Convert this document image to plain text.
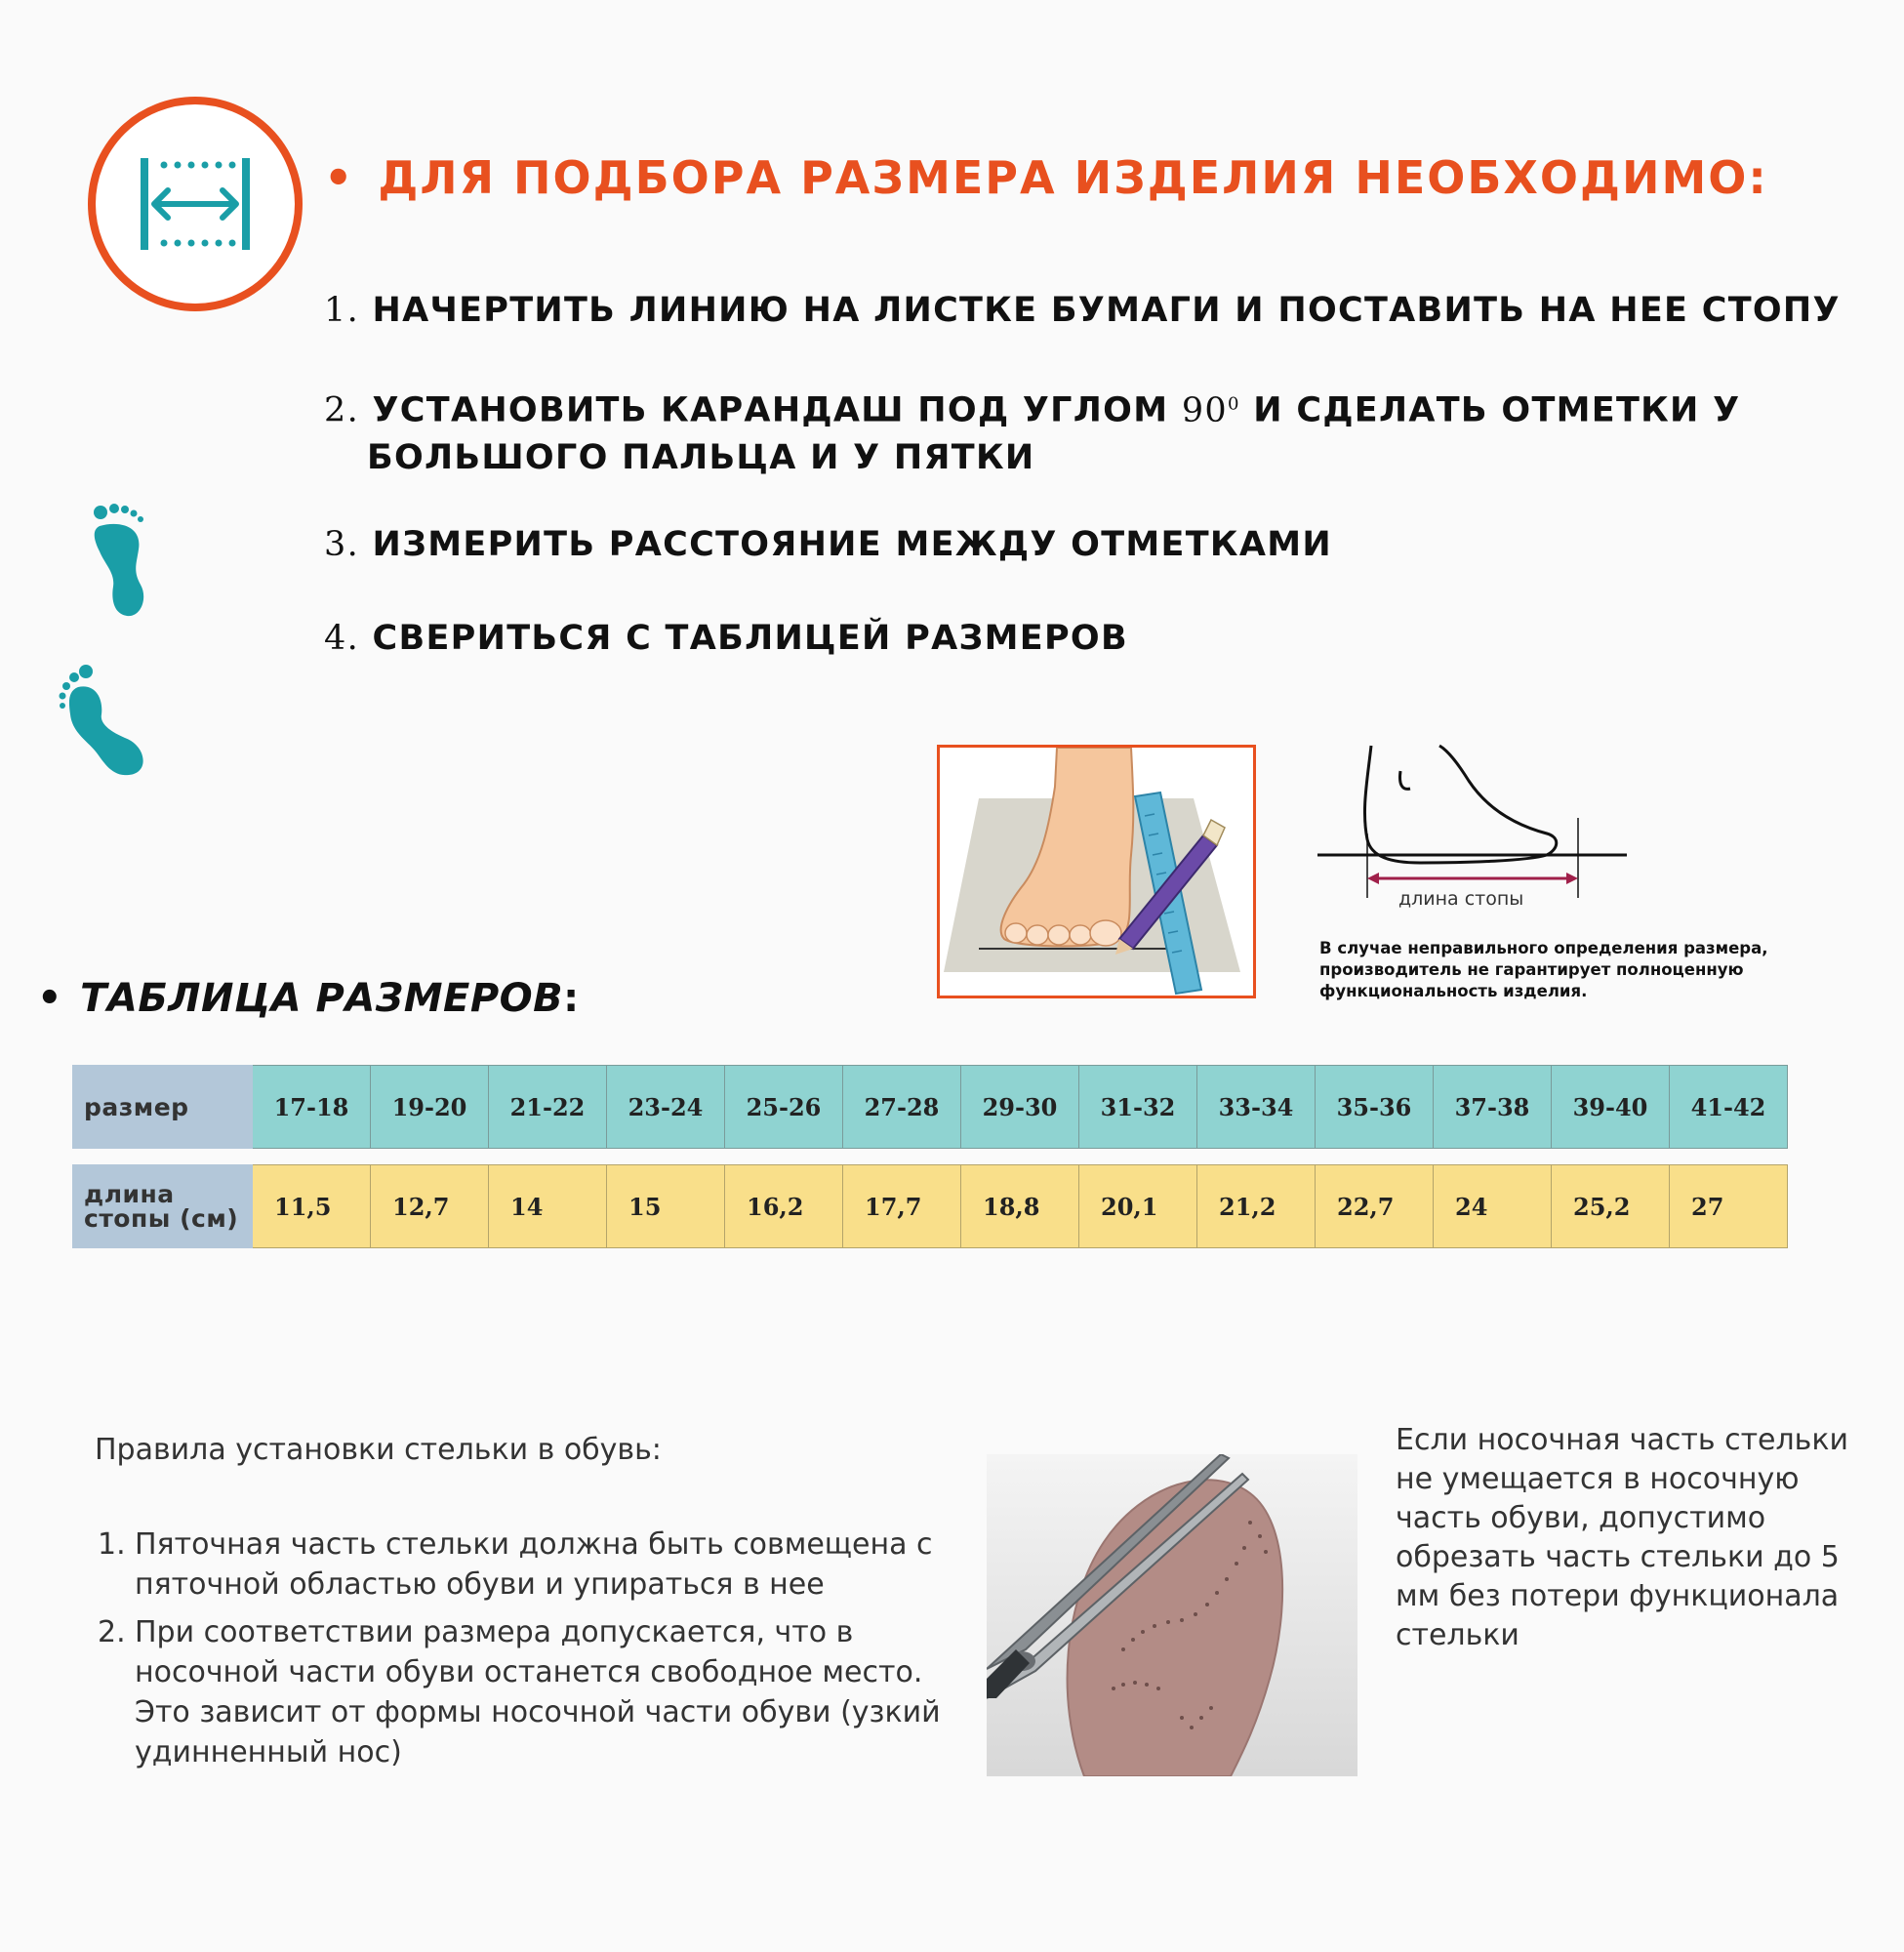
• ДЛЯ ПОДБОРА РАЗМЕРА ИЗДЕЛИЯ НЕОБХОДИМО:
1. НАЧЕРТИТЬ ЛИНИЮ НА ЛИСТКЕ БУМАГИ И ПОСТАВИТЬ НА НЕЕ СТОПУ
2. УСТАНОВИТЬ КАРАНДАШ ПОД УГЛОМ $90^0$ И СДЕЛАТЬ ОТМЕТКИ У
БОЛЬШОГО ПАЛЬЦА И У ПЯТКИ
3. ИЗМЕРИТЬ РАССТОЯНИЕ МЕЖДУ ОТМЕТКАМИ
4. СВЕРИТЬСЯ С ТАБЛИЦЕЙ РАЗМЕРОВ
длина стопы
В случае неправильного определения размера, производитель не гарантирует полноценную функциональность изделия.
• ТАБЛИЦА РАЗМЕРОВ:
размер	17-18	19-20	21-22	23-24	25-26	27-28	29-30	31-32	33-34	35-36	37-38	39-40	41-42
длина
стопы (см)	11,5	12,7	14	15	16,2	17,7	18,8	20,1	21,2	22,7	24	25,2	27
Правила установки стельки в обувь:
1. Пяточная часть стельки должна быть совмещена с пяточной областью обуви и упираться в нее
2. При соответствии размера допускается, что в носочной части обуви останется свободное место. Это зависит от формы носочной части обуви (узкий удинненный нос)
Если носочная часть стельки не умещается в носочную часть обуви, допустимо обрезать часть стельки до 5 мм без потери функционала стельки
